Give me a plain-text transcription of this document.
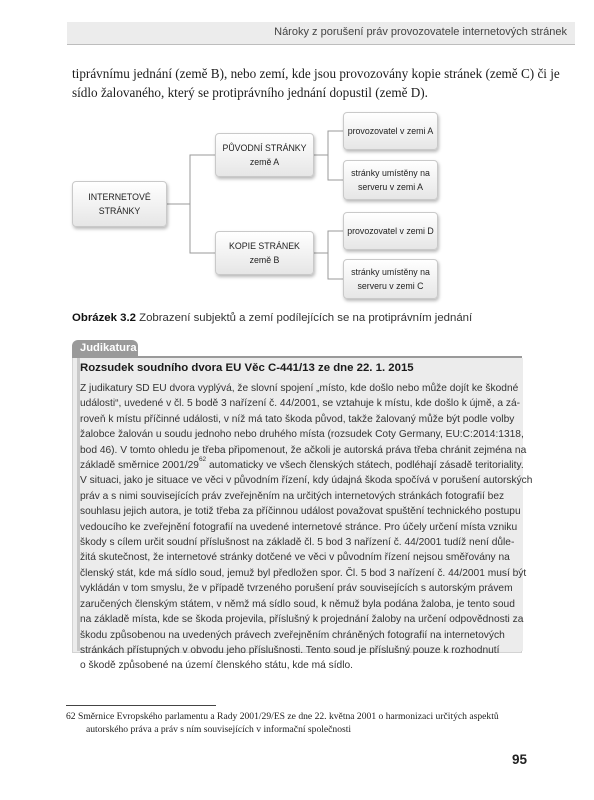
Nároky z porušení práv provozovatele internetových stránek

tiprávnímu jednání (země B), nebo zemí, kde jsou provozovány kopie stránek (země C) či je

sídlo žalovaného, který se protiprávního jednání dopustil (země D).

INTERNETOVÉ STRÁNKY
PŮVODNÍ STRÁNKY
země A
KOPIE STRÁNEK
země B
provozovatel v zemi A
stránky umístěny na
serveru v zemi A
provozovatel v zemi D
stránky umístěny na
serveru v zemi C
Obrázek 3.2 Zobrazení subjektů a zemí podílejících se na protiprávním jednání
Judikatura
Rozsudek soudního dvora EU Věc C-441/13 ze dne 22. 1. 2015

Z judikatury SD EU dvora vyplývá, že slovní spojení „místo, kde došlo nebo může dojít ke škodné

události“, uvedené v čl. 5 bodě 3 nařízení č. 44/2001, se vztahuje k místu, kde došlo k újmě, a zá-

roveň k místu příčinné události, v níž má tato škoda původ, takže žalovaný může být podle volby

žalobce žalován u soudu jednoho nebo druhého místa (rozsudek Coty Germany, EU:C:2014:1318,

bod 46). V tomto ohledu je třeba připomenout, že ačkoli je autorská práva třeba chránit zejména na

základě směrnice $2001/29^{62}$ automaticky ve všech členských státech, podléhají zásadě teritoriality.

V situaci, jako je situace ve věci v původním řízení, kdy údajná škoda spočívá v porušení autorských

práv a s nimi souvisejících práv zveřejněním na určitých internetových stránkách fotografií bez

souhlasu jejich autora, je totiž třeba za příčinnou událost považovat spuštění technického postupu

vedoucího ke zveřejnění fotografií na uvedené internetové stránce. Pro účely určení místa vzniku

škody s cílem určit soudní příslušnost na základě čl. 5 bod 3 nařízení č. 44/2001 tudíž není důle-

žitá skutečnost, že internetové stránky dotčené ve věci v původním řízení nejsou směřovány na

členský stát, kde má sídlo soud, jemuž byl předložen spor. Čl. 5 bod 3 nařízení č. 44/2001 musí být

vykládán v tom smyslu, že v případě tvrzeného porušení práv souvisejících s autorským právem

zaručených členským státem, v němž má sídlo soud, k němuž byla podána žaloba, je tento soud

na základě místa, kde se škoda projevila, příslušný k projednání žaloby na určení odpovědnosti za

škodu způsobenou na uvedených právech zveřejněním chráněných fotografií na internetových

stránkách přístupných v obvodu jeho příslušnosti. Tento soud je příslušný pouze k rozhodnutí

o škodě způsobené na území členského státu, kde má sídlo.

62 Směrnice Evropského parlamentu a Rady 2001/29/ES ze dne 22. května 2001 o harmonizaci určitých aspektů

autorského práva a práv s ním souvisejících v informační společnosti

95
